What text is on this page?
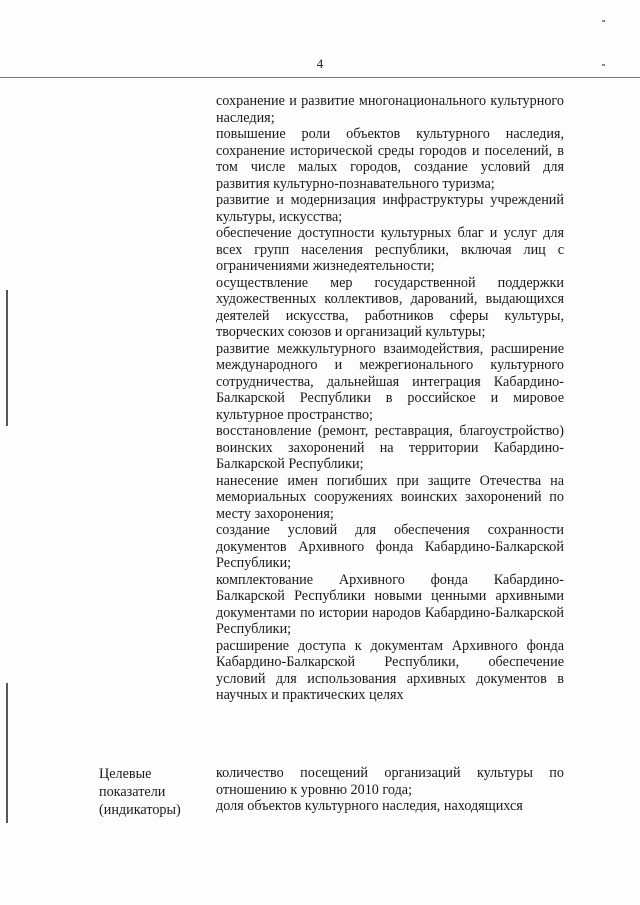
4
сохранение и развитие многонационального культурного наследия;
повышение роли объектов культурного наследия, сохранение исторической среды городов и поселений, в том числе малых городов, создание условий для развития культурно-познавательного туризма;
развитие и модернизация инфраструктуры учреждений культуры, искусства;
обеспечение доступности культурных благ и услуг для всех групп населения республики, включая лиц с ограничениями жизнедеятельности;
осуществление мер государственной поддержки художественных коллективов, дарований, выдающихся деятелей искусства, работников сферы культуры, творческих союзов и организаций культуры;
развитие межкультурного взаимодействия, расширение международного и межрегионального культурного сотрудничества, дальнейшая интеграция Кабардино-Балкарской Республики в российское и мировое культурное пространство;
восстановление (ремонт, реставрация, благоустройство) воинских захоронений на территории Кабардино-Балкарской Республики;
нанесение имен погибших при защите Отечества на мемориальных сооружениях воинских захоронений по месту захоронения;
создание условий для обеспечения сохранности документов Архивного фонда Кабардино-Балкарской Республики;
комплектование Архивного фонда Кабардино-Балкарской Республики новыми ценными архивными документами по истории народов Кабардино-Балкарской Республики;
расширение доступа к документам Архивного фонда Кабардино-Балкарской Республики, обеспечение условий для использования архивных документов в научных и практических целях
Целевые показатели (индикаторы)
количество посещений организаций культуры по отношению к уровню 2010 года;
доля объектов культурного наследия, находящихся
